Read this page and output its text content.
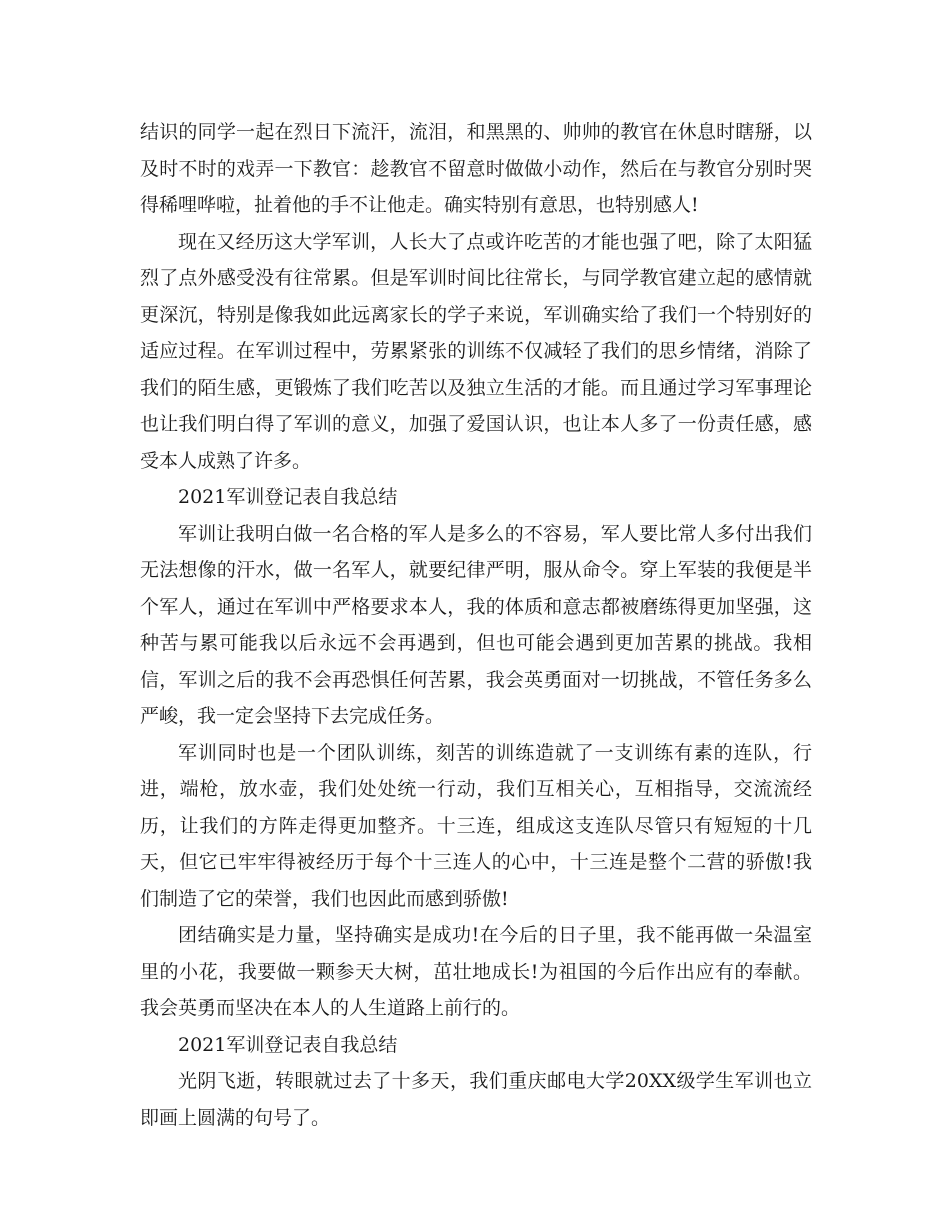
结识的同学一起在烈日下流汗，流泪，和黑黑的、帅帅的教官在休息时瞎掰，以及时不时的戏弄一下教官：趁教官不留意时做做小动作，然后在与教官分别时哭得稀哩哗啦，扯着他的手不让他走。确实特别有意思，也特别感人!

现在又经历这大学军训，人长大了点或许吃苦的才能也强了吧，除了太阳猛烈了点外感受没有往常累。但是军训时间比往常长，与同学教官建立起的感情就更深沉，特别是像我如此远离家长的学子来说，军训确实给了我们一个特别好的适应过程。在军训过程中，劳累紧张的训练不仅减轻了我们的思乡情绪，消除了我们的陌生感，更锻炼了我们吃苦以及独立生活的才能。而且通过学习军事理论也让我们明白得了军训的意义，加强了爱国认识，也让本人多了一份责任感，感受本人成熟了许多。

2021军训登记表自我总结

军训让我明白做一名合格的军人是多么的不容易，军人要比常人多付出我们无法想像的汗水，做一名军人，就要纪律严明，服从命令。穿上军装的我便是半个军人，通过在军训中严格要求本人，我的体质和意志都被磨练得更加坚强，这种苦与累可能我以后永远不会再遇到，但也可能会遇到更加苦累的挑战。我相信，军训之后的我不会再恐惧任何苦累，我会英勇面对一切挑战，不管任务多么严峻，我一定会坚持下去完成任务。

军训同时也是一个团队训练，刻苦的训练造就了一支训练有素的连队，行进，端枪，放水壶，我们处处统一行动，我们互相关心，互相指导，交流流经历，让我们的方阵走得更加整齐。十三连，组成这支连队尽管只有短短的十几天，但它已牢牢得被经历于每个十三连人的心中，十三连是整个二营的骄傲!我们制造了它的荣誉，我们也因此而感到骄傲!

团结确实是力量，坚持确实是成功!在今后的日子里，我不能再做一朵温室里的小花，我要做一颗参天大树，茁壮地成长!为祖国的今后作出应有的奉献。我会英勇而坚决在本人的人生道路上前行的。

2021军训登记表自我总结

光阴飞逝，转眼就过去了十多天，我们重庆邮电大学20XX级学生军训也立即画上圆满的句号了。
